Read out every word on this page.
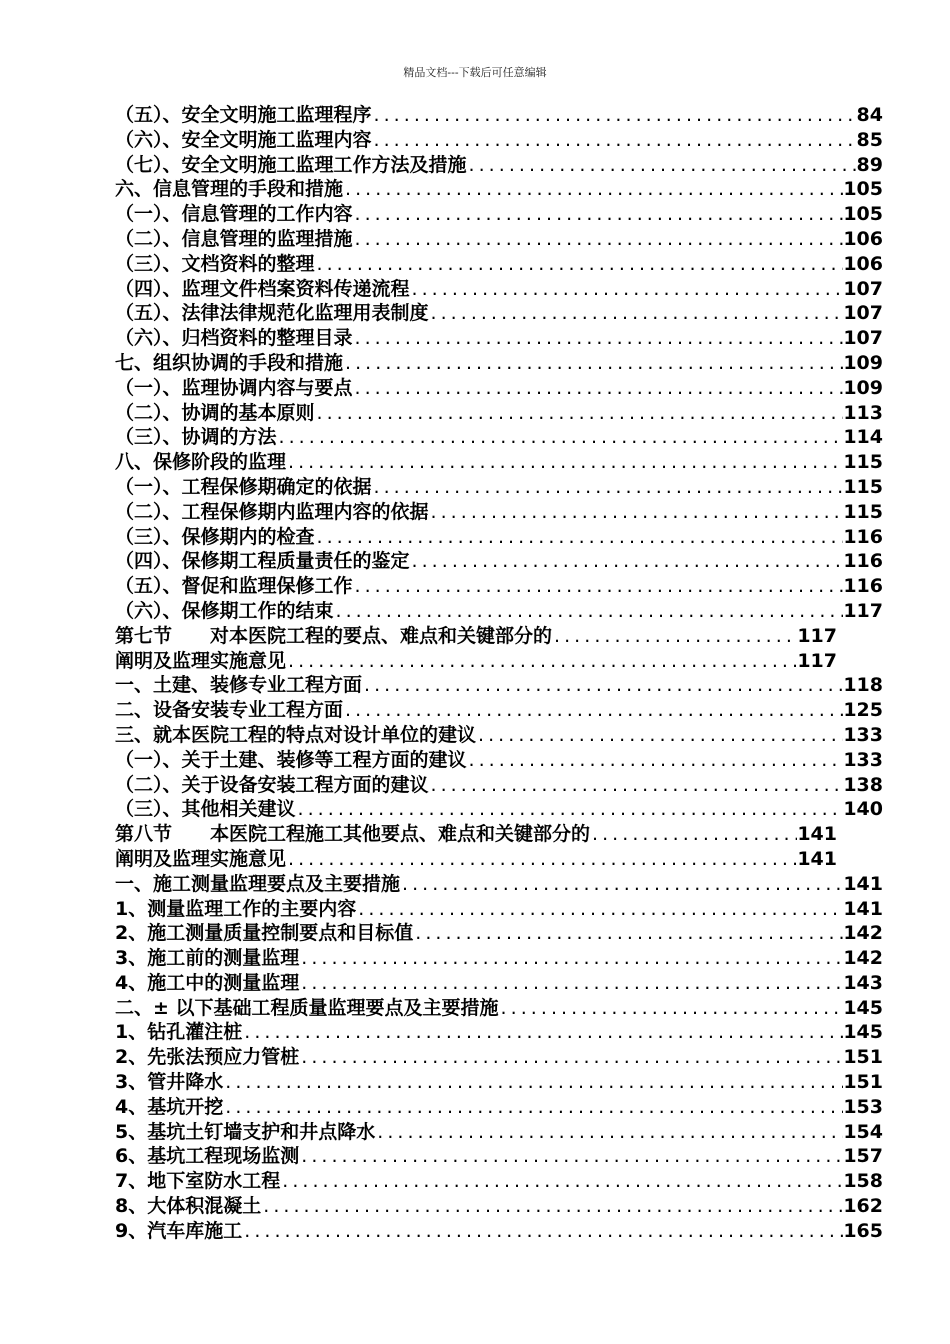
精品文档---下载后可任意编辑
（五）、安全文明施工监理程序 . . .	84
（六）、安全文明施工监理内容 . . .	85
（七）、安全文明施工监理工作方法及措施 . . .	89
六、信息管理的手段和措施 . . .	105
（一）、信息管理的工作内容 . . .	105
（二）、信息管理的监理措施 . . .	106
（三）、文档资料的整理 . . .	106
（四）、监理文件档案资料传递流程 . . .	107
（五）、法律法律规范化监理用表制度 . . .	107
（六）、归档资料的整理目录 . . .	107
七、组织协调的手段和措施 . . .	109
（一）、监理协调内容与要点 . . .	109
（二）、协调的基本原则 . . .	113
（三）、协调的方法 . . .	114
八、保修阶段的监理 . . .	115
（一）、工程保修期确定的依据 . . .	115
（二）、工程保修期内监理内容的依据 . . .	115
（三）、保修期内的检查 . . .	116
（四）、保修期工程质量责任的鉴定 . . .	116
（五）、督促和监理保修工作 . . .	116
（六）、保修期工作的结束 . . .	117
第七节　　对本医院工程的要点、难点和关键部分的 . . .	117
阐明及监理实施意见 . . .	117
一、土建、装修专业工程方面 . . .	118
二、设备安装专业工程方面 . . .	125
三、就本医院工程的特点对设计单位的建议 . . .	133
（一）、关于土建、装修等工程方面的建议 . . .	133
（二）、关于设备安装工程方面的建议 . . .	138
（三）、其他相关建议 . . .	140
第八节　　本医院工程施工其他要点、难点和关键部分的 . . .	141
阐明及监理实施意见 . . .	141
一、施工测量监理要点及主要措施 . . .	141
1、测量监理工作的主要内容 . . .	141
2、施工测量质量控制要点和目标值 . . .	142
3、施工前的测量监理 . . .	142
4、施工中的测量监理 . . .	143
二、± 以下基础工程质量监理要点及主要措施 . . .	145
1、钻孔灌注桩 . . .	145
2、先张法预应力管桩 . . .	151
3、管井降水 . . .	151
4、基坑开挖 . . .	153
5、基坑土钉墙支护和井点降水 . . .	154
6、基坑工程现场监测 . . .	157
7、地下室防水工程 . . .	158
8、大体积混凝土 . . .	162
9、汽车库施工 . . .	165
